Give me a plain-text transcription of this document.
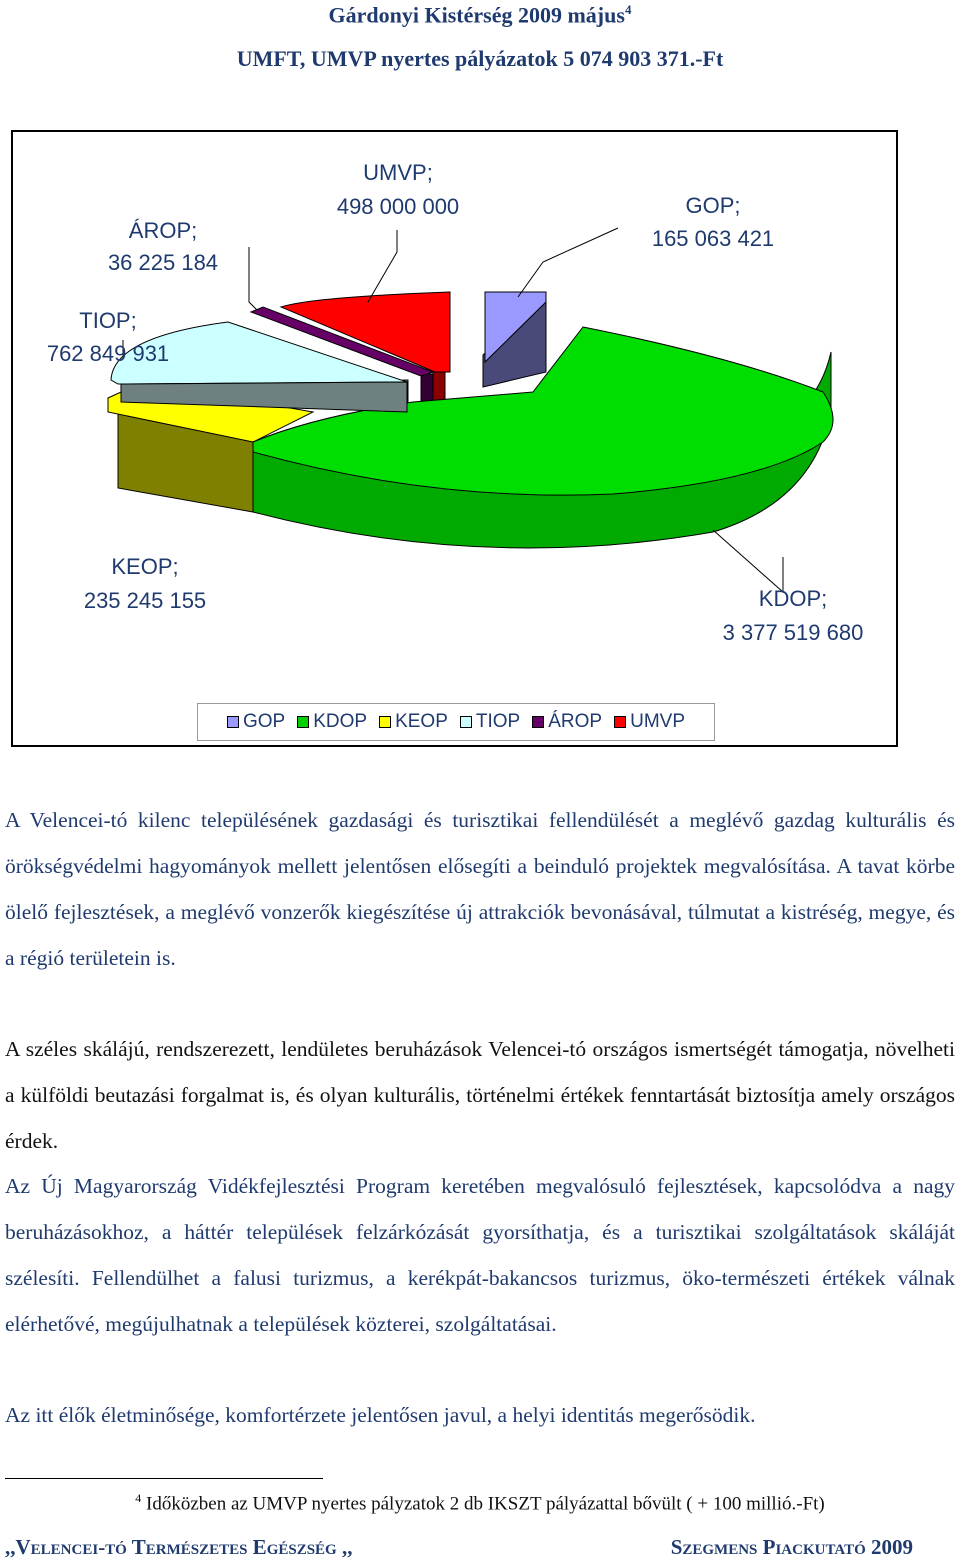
Gárdonyi Kistérség 2009 május$^4$
UMFT, UMVP nyertes pályázatok 5 074 903 371.-Ft
ÁROP;
36 225 184
UMVP;
498 000 000	GOP;
165 063 421
TIOP;
762 849 931
KEOP;
235 245 155	KDOP;
3 377 519 680
GOP KDOP KEOP TIOP ÁROP UMVP

A Velencei-tó kilenc településének gazdasági és turisztikai fellendülését a meglévő gazdag kulturális és örökségvédelmi hagyományok mellett jelentősen elősegíti a beinduló projektek megvalósítása. A tavat körbe ölelő fejlesztések, a meglévő vonzerők kiegészítése új attrakciók bevonásával, túlmutat a kistréség, megye, és a régió területein is.

A széles skálájú, rendszerezett, lendületes beruházások Velencei-tó országos ismertségét támogatja, növelheti a külföldi beutazási forgalmat is, és olyan kulturális, történelmi értékek fenntartását biztosítja amely országos érdek.

Az Új Magyarország Vidékfejlesztési Program keretében megvalósuló fejlesztések, kapcsolódva a nagy beruházásokhoz, a háttér települések felzárkózását gyorsíthatja, és a turisztikai szolgáltatások skáláját szélesíti. Fellendülhet a falusi turizmus, a kerékpát-bakancsos turizmus, öko-természeti értékek válnak elérhetővé, megújulhatnak a települések közterei, szolgáltatásai.

Az itt élők életminősége, komfortérzete jelentősen javul, a helyi identitás megerősödik.

$^4$ Időközben az UMVP nyertes pályzatok 2 db IKSZT pályázattal bővült ( + 100 millió.-Ft)

,,Velencei-tó Természetes Egészség ,,	Szegmens Piackutató 2009
